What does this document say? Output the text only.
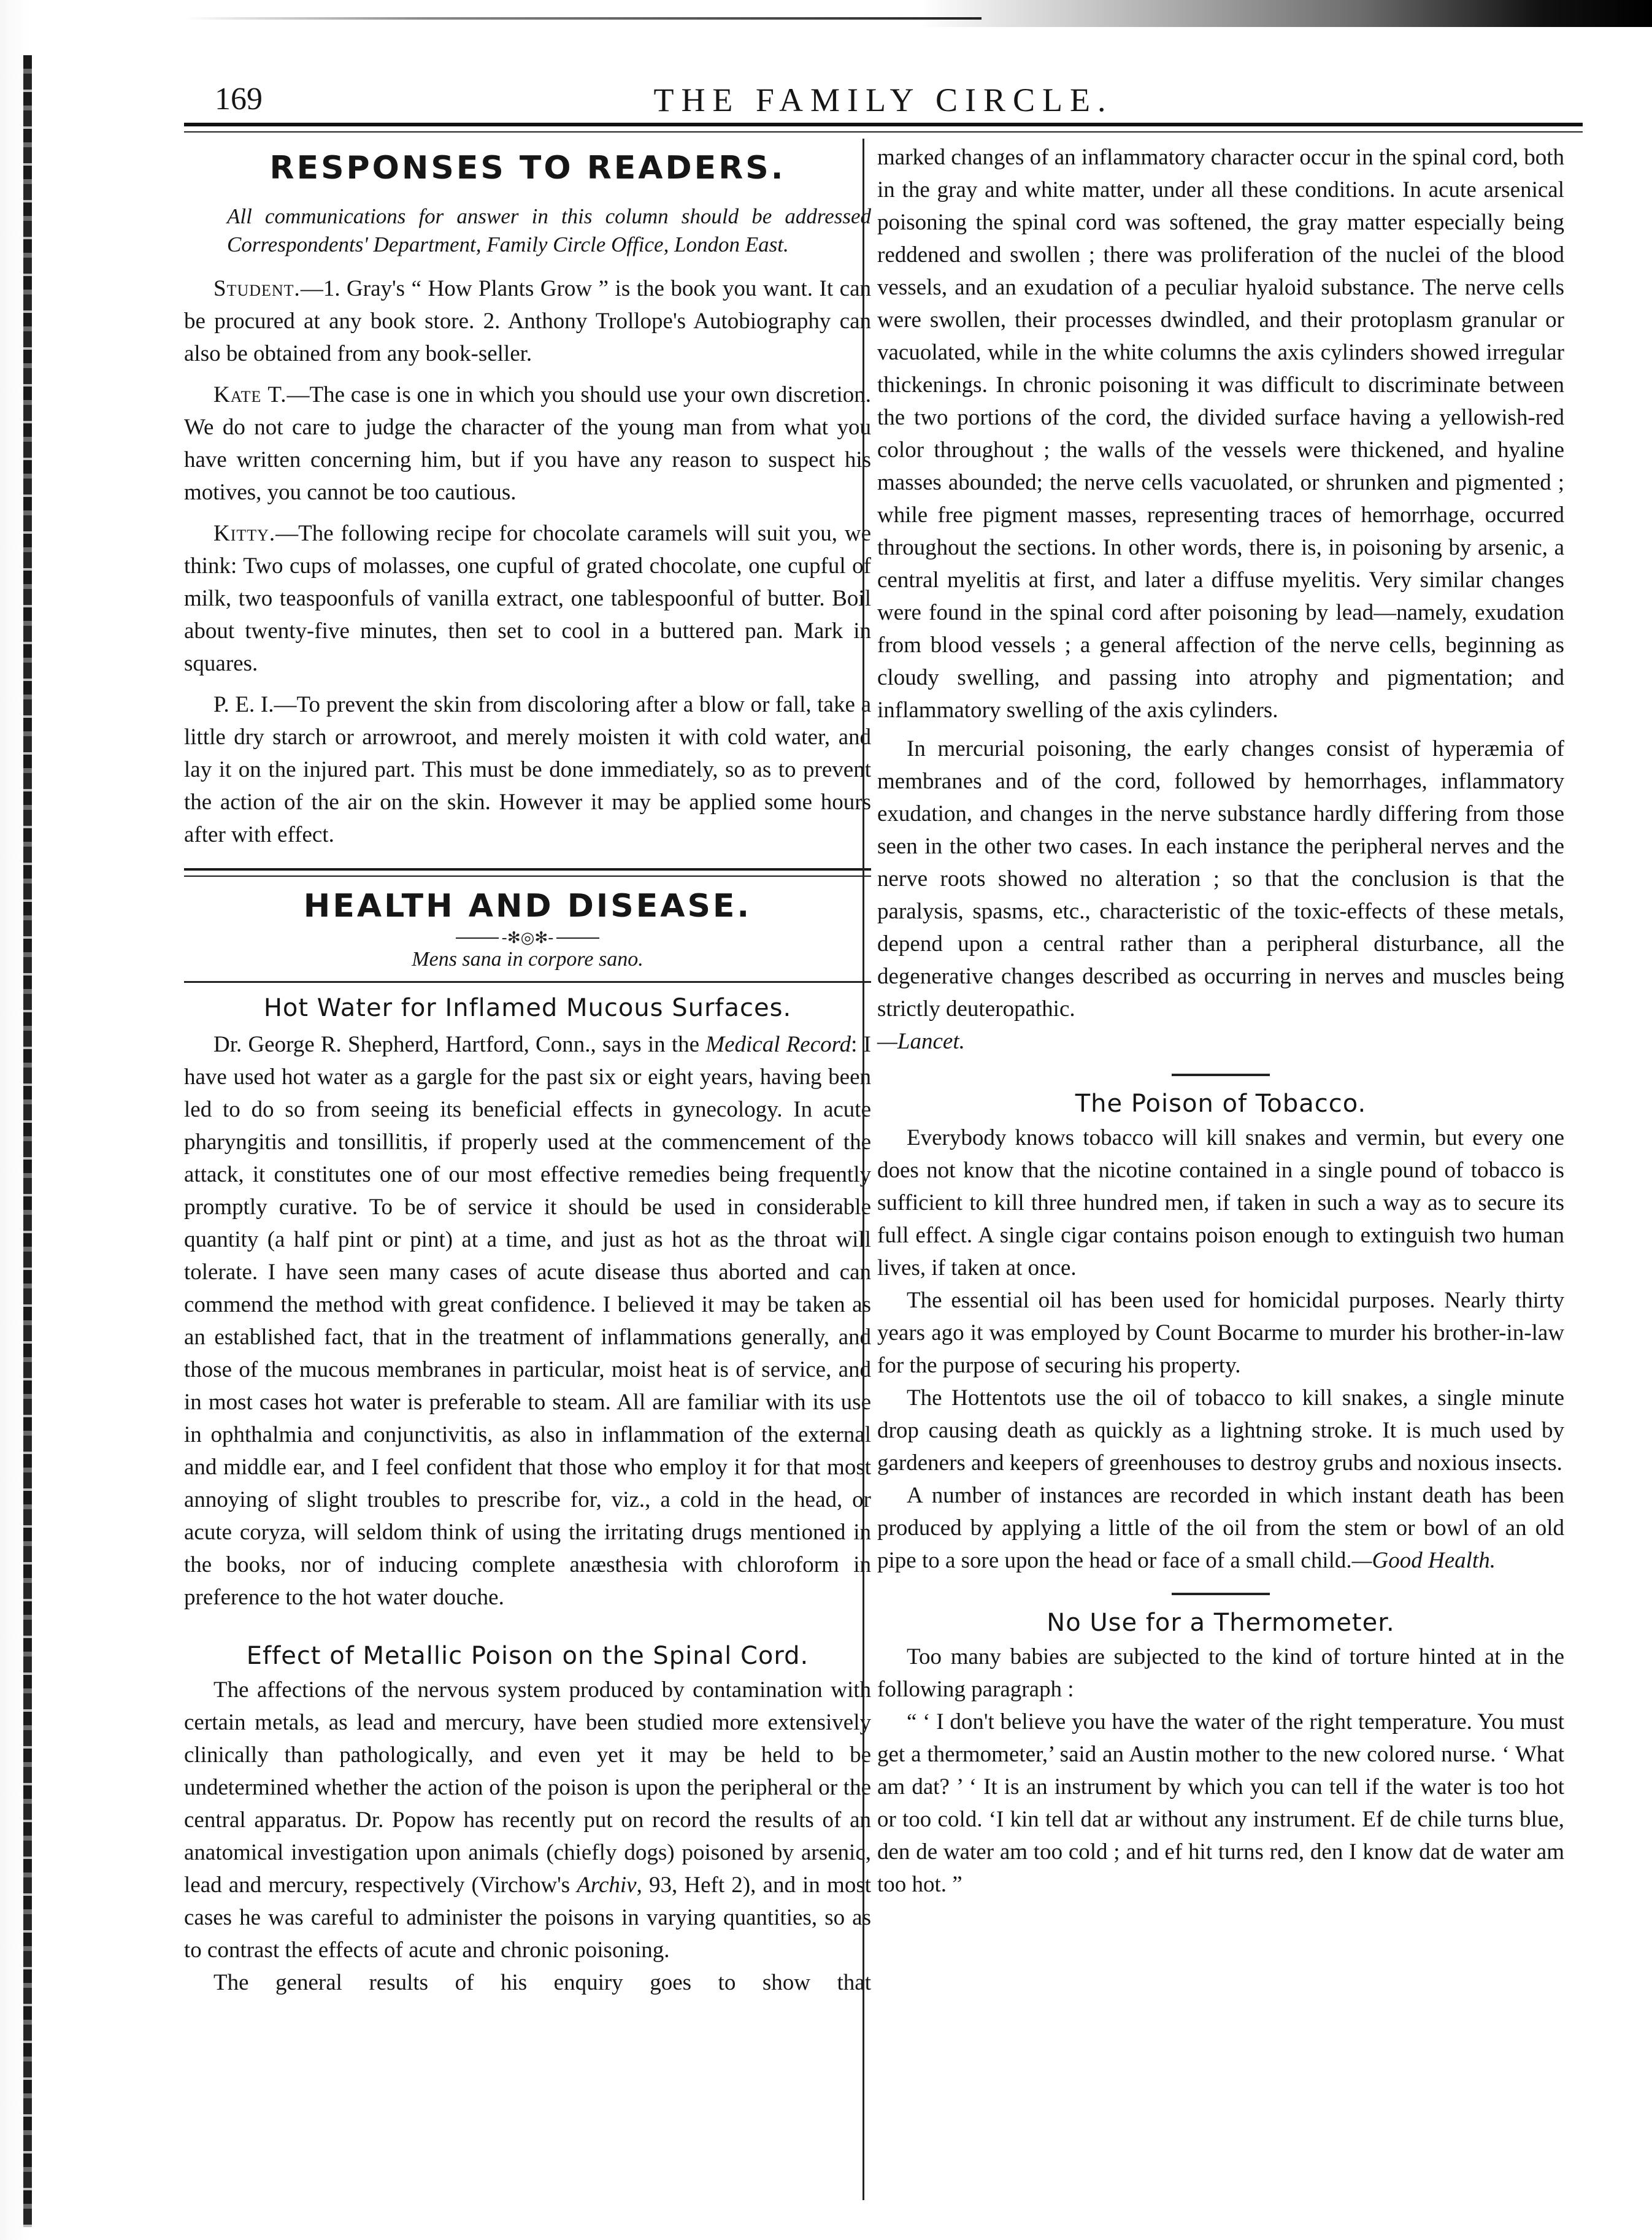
169	THE FAMILY CIRCLE.
RESPONSES TO READERS.

All communications for answer in this column should be addressed Correspondents' Department, Family Circle Office, London East.

Student.—1. Gray's “ How Plants Grow ” is the book you want. It can be procured at any book store. 2. Anthony Trollope's Autobiography can also be obtained from any book-seller.

Kate T.—The case is one in which you should use your own discretion. We do not care to judge the character of the young man from what you have written concerning him, but if you have any reason to suspect his motives, you cannot be too cautious.

Kitty.—The following recipe for chocolate caramels will suit you, we think: Two cups of molasses, one cupful of grated chocolate, one cupful of milk, two teaspoonfuls of vanilla extract, one tablespoonful of butter. Boil about twenty-five minutes, then set to cool in a buttered pan. Mark in squares.

P. E. I.—To prevent the skin from discoloring after a blow or fall, take a little dry starch or arrowroot, and merely moisten it with cold water, and lay it on the injured part. This must be done immediately, so as to prevent the action of the air on the skin. However it may be applied some hours after with effect.

HEALTH AND DISEASE.
-✻◎✻-

Mens sana in corpore sano.

Hot Water for Inflamed Mucous Surfaces.

Dr. George R. Shepherd, Hartford, Conn., says in the Medical Record: I have used hot water as a gargle for the past six or eight years, having been led to do so from seeing its beneficial effects in gynecology. In acute pharyngitis and tonsillitis, if properly used at the commencement of the attack, it constitutes one of our most effective remedies being frequently promptly curative. To be of service it should be used in considerable quantity (a half pint or pint) at a time, and just as hot as the throat will tolerate. I have seen many cases of acute disease thus aborted and can commend the method with great confidence. I believed it may be taken as an established fact, that in the treatment of inflammations generally, and those of the mucous membranes in particular, moist heat is of service, and in most cases hot water is preferable to steam. All are familiar with its use in ophthalmia and conjunctivitis, as also in inflammation of the external and middle ear, and I feel confident that those who employ it for that most annoying of slight troubles to prescribe for, viz., a cold in the head, or acute coryza, will seldom think of using the irritating drugs mentioned in the books, nor of inducing complete anæsthesia with chloroform in preference to the hot water douche.

Effect of Metallic Poison on the Spinal Cord.

The affections of the nervous system produced by contamination with certain metals, as lead and mercury, have been studied more extensively clinically than pathologically, and even yet it may be held to be undetermined whether the action of the poison is upon the peripheral or the central apparatus. Dr. Popow has recently put on record the results of an anatomical investigation upon animals (chiefly dogs) poisoned by arsenic, lead and mercury, respectively (Virchow's Archiv, 93, Heft 2), and in most cases he was careful to administer the poisons in varying quantities, so as to contrast the effects of acute and chronic poisoning.

The general results of his enquiry goes to show that

marked changes of an inflammatory character occur in the spinal cord, both in the gray and white matter, under all these conditions. In acute arsenical poisoning the spinal cord was softened, the gray matter especially being reddened and swollen ; there was proliferation of the nuclei of the blood vessels, and an exudation of a peculiar hyaloid substance. The nerve cells were swollen, their processes dwindled, and their protoplasm granular or vacuolated, while in the white columns the axis cylinders showed irregular thickenings. In chronic poisoning it was difficult to discriminate between the two portions of the cord, the divided surface having a yellowish-red color throughout ; the walls of the vessels were thickened, and hyaline masses abounded; the nerve cells vacuolated, or shrunken and pigmented ; while free pigment masses, representing traces of hemorrhage, occurred throughout the sections. In other words, there is, in poisoning by arsenic, a central myelitis at first, and later a diffuse myelitis. Very similar changes were found in the spinal cord after poisoning by lead—namely, exudation from blood vessels ; a general affection of the nerve cells, beginning as cloudy swelling, and passing into atrophy and pigmentation; and inflammatory swelling of the axis cylinders.

In mercurial poisoning, the early changes consist of hyperæmia of membranes and of the cord, followed by hemorrhages, inflammatory exudation, and changes in the nerve substance hardly differing from those seen in the other two cases. In each instance the peripheral nerves and the nerve roots showed no alteration ; so that the conclusion is that the paralysis, spasms, etc., characteristic of the toxic-effects of these metals, depend upon a central rather than a peripheral disturbance, all the degenerative changes described as occurring in nerves and muscles being strictly deuteropathic.
—Lancet.

The Poison of Tobacco.

Everybody knows tobacco will kill snakes and vermin, but every one does not know that the nicotine contained in a single pound of tobacco is sufficient to kill three hundred men, if taken in such a way as to secure its full effect. A single cigar contains poison enough to extinguish two human lives, if taken at once.

The essential oil has been used for homicidal purposes. Nearly thirty years ago it was employed by Count Bocarme to murder his brother-in-law for the purpose of securing his property.

The Hottentots use the oil of tobacco to kill snakes, a single minute drop causing death as quickly as a lightning stroke. It is much used by gardeners and keepers of greenhouses to destroy grubs and noxious insects.

A number of instances are recorded in which instant death has been produced by applying a little of the oil from the stem or bowl of an old pipe to a sore upon the head or face of a small child.—Good Health.

No Use for a Thermometer.

Too many babies are subjected to the kind of torture hinted at in the following paragraph :

“ ‘ I don't believe you have the water of the right temperature. You must get a thermometer,’ said an Austin mother to the new colored nurse. ‘ What am dat? ’ ‘ It is an instrument by which you can tell if the water is too hot or too cold. ‘I kin tell dat ar without any instrument. Ef de chile turns blue, den de water am too cold ; and ef hit turns red, den I know dat de water am too hot. ”
